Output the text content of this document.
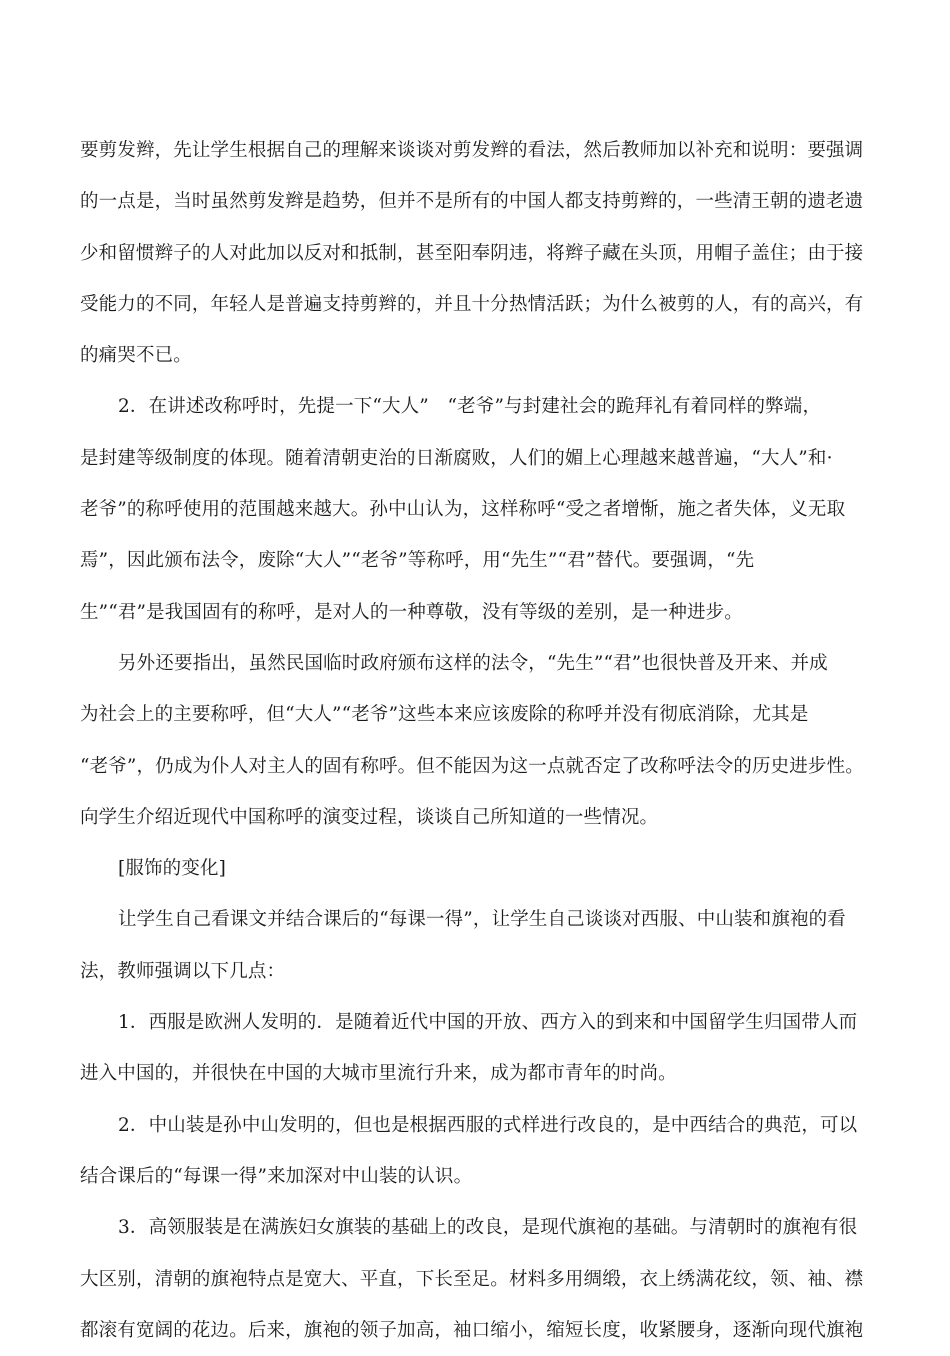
要剪发辫，先让学生根据自己的理解来谈谈对剪发辫的看法，然后教师加以补充和说明：要强调
的一点是，当时虽然剪发辫是趋势，但并不是所有的中国人都支持剪辫的，一些清王朝的遗老遗
少和留惯辫子的人对此加以反对和抵制，甚至阳奉阴违，将辫子藏在头顶，用帽子盖住；由于接
受能力的不同，年轻人是普遍支持剪辫的，并且十分热情活跃；为什么被剪的人，有的高兴，有
的痛哭不已。
2．在讲述改称呼时，先提一下“大人”　“老爷”与封建社会的跪拜礼有着同样的弊端，
是封建等级制度的体现。随着清朝吏治的日渐腐败，人们的媚上心理越来越普遍，“大人”和·
老爷”的称呼使用的范围越来越大。孙中山认为，这样称呼“受之者增惭，施之者失体，义无取
焉”，因此颁布法令，废除“大人”“老爷”等称呼，用“先生”“君”替代。要强调，“先
生”“君”是我国固有的称呼，是对人的一种尊敬，没有等级的差别，是一种进步。
另外还要指出，虽然民国临时政府颁布这样的法令，“先生”“君”也很快普及开来、并成
为社会上的主要称呼，但“大人”“老爷”这些本来应该废除的称呼并没有彻底消除，尤其是
“老爷”，仍成为仆人对主人的固有称呼。但不能因为这一点就否定了改称呼法令的历史进步性。
向学生介绍近现代中国称呼的演变过程，谈谈自己所知道的一些情况。
[服饰的变化]
让学生自己看课文并结合课后的“每课一得”，让学生自己谈谈对西服、中山装和旗袍的看
法，教师强调以下几点：
1．西服是欧洲人发明的．是随着近代中国的开放、西方入的到来和中国留学生归国带人而
进入中国的，并很快在中国的大城市里流行升来，成为都市青年的时尚。
2．中山装是孙中山发明的，但也是根据西服的式样进行改良的，是中西结合的典范，可以
结合课后的“每课一得”来加深对中山装的认识。
3．高领服装是在满族妇女旗装的基础上的改良，是现代旗袍的基础。与清朝时的旗袍有很
大区别，清朝的旗袍特点是宽大、平直，下长至足。材料多用绸缎，衣上绣满花纹，领、袖、襟
都滚有宽阔的花边。后来，旗袍的领子加高，袖口缩小，缩短长度，收紧腰身，逐渐向现代旗袍
